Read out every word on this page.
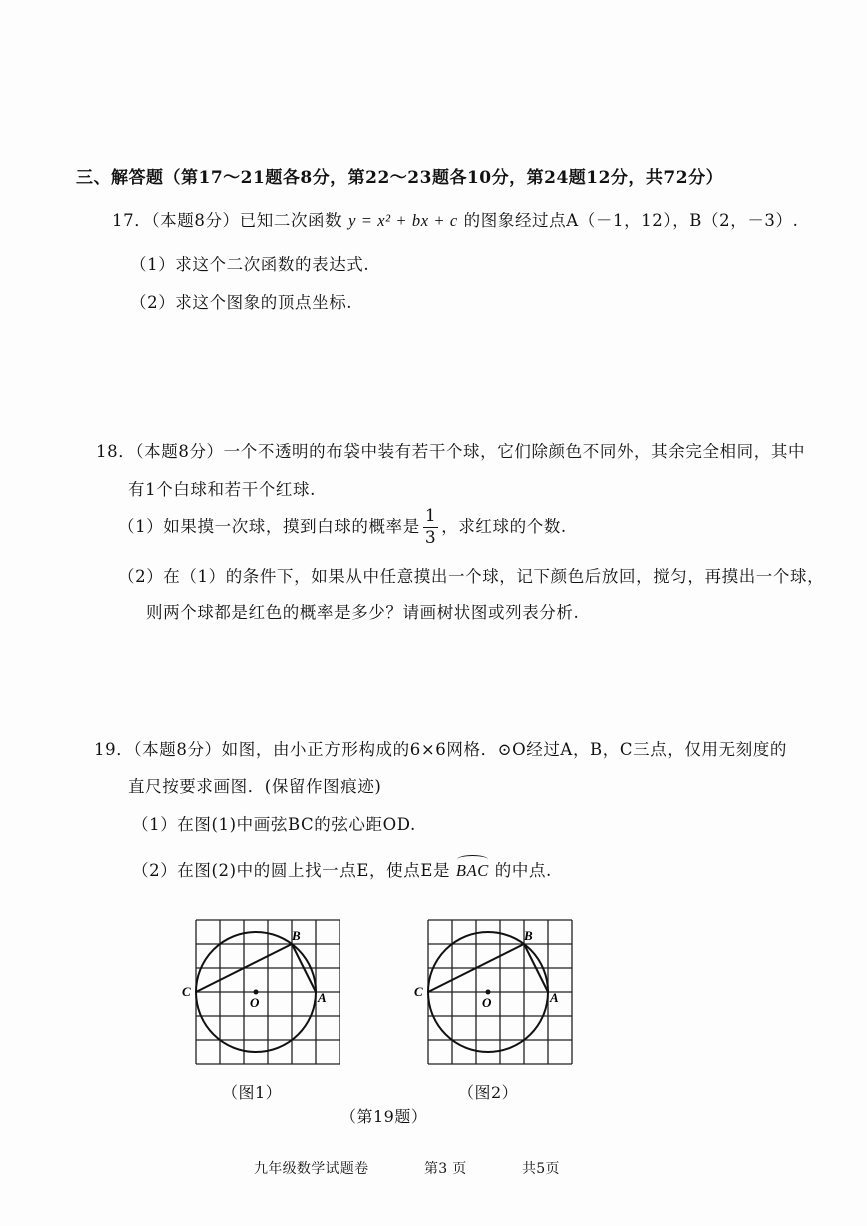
三、解答题（第17～21题各8分，第22～23题各10分，第24题12分，共72分）
17．（本题8分）已知二次函数 y = x² + bx + c 的图象经过点A（－1，12），B（2，－3）.
（1）求这个二次函数的表达式.
（2）求这个图象的顶点坐标.
18．（本题8分）一个不透明的布袋中装有若干个球，它们除颜色不同外，其余完全相同，其中
有1个白球和若干个红球.
（1）如果摸一次球，摸到白球的概率是 $\frac{1}{3}$ ，求红球的个数.
（2）在（1）的条件下，如果从中任意摸出一个球，记下颜色后放回，搅匀，再摸出一个球，
则两个球都是红色的概率是多少？请画树状图或列表分析.
19．（本题8分）如图，由小正方形构成的6×6网格．⊙O经过A，B，C三点，仅用无刻度的
直尺按要求画图．(保留作图痕迹)
（1）在图(1)中画弦BC的弦心距OD.
（2）在图(2)中的圆上找一点E，使点E是 BAC 的中点.
B
C
O	A
B
C
O	A
（图1）	（图2）
（第19题）
九年级数学试题卷	第3 页	共5页
